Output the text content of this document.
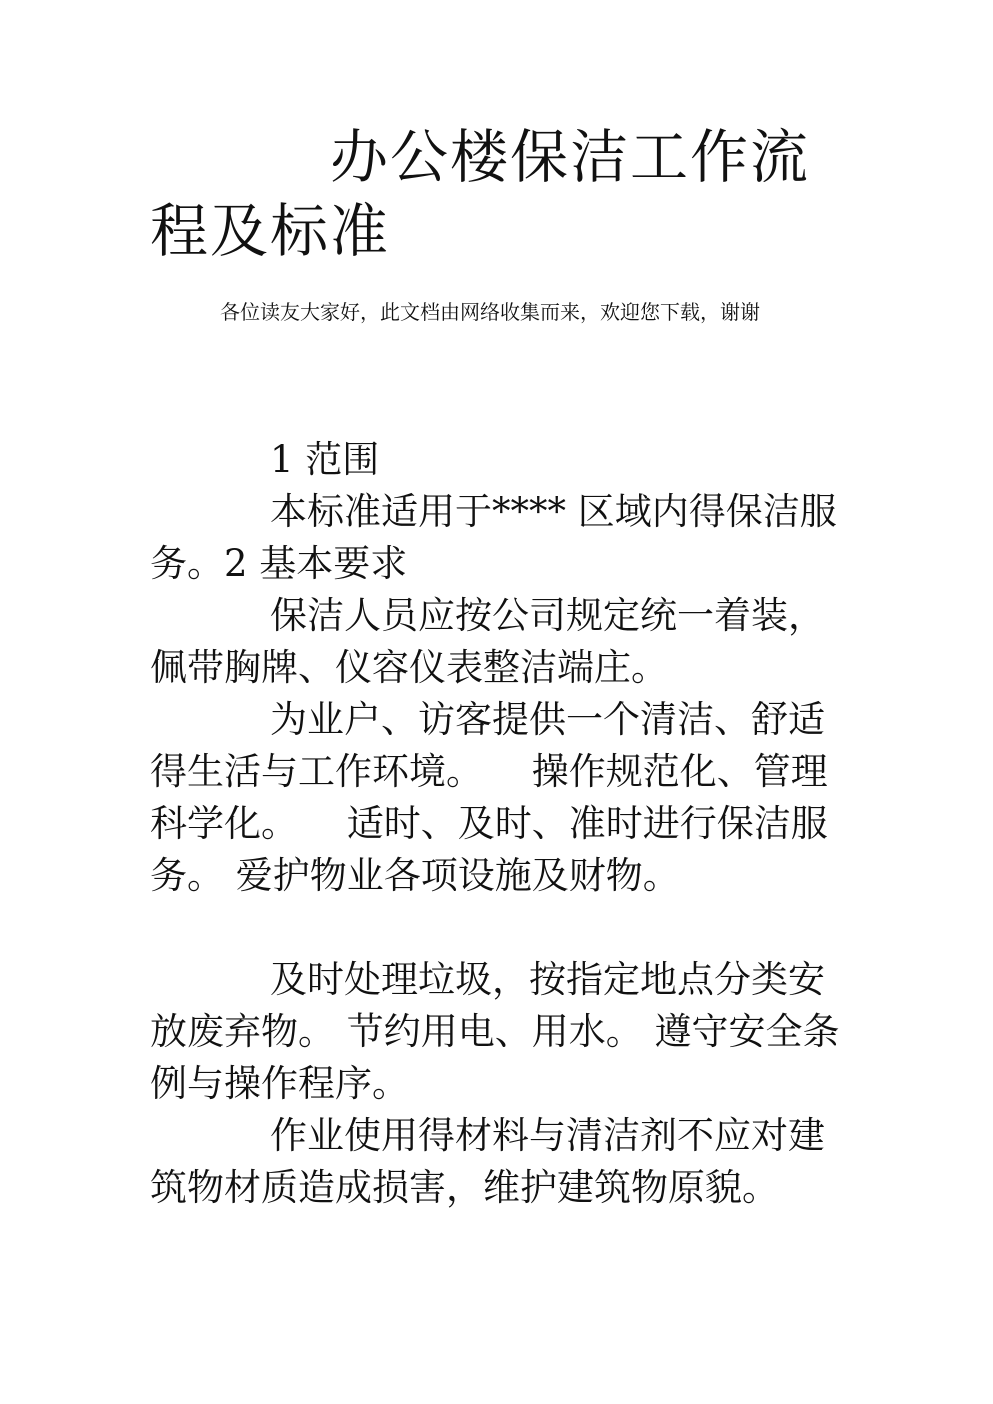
办公楼保洁工作流程及标准

各位读友大家好，此文档由网络收集而来，欢迎您下载，谢谢

1 范围

本标准适用于**** 区域内得保洁服务。2 基本要求

保洁人员应按公司规定统一着装，佩带胸牌、仪容仪表整洁端庄。

为业户、访客提供一个清洁、舒适得生活与工作环境。 　操作规范化、管理科学化。 　适时、及时、准时进行保洁服务。 爱护物业各项设施及财物。

及时处理垃圾，按指定地点分类安放废弃物。 节约用电、用水。 遵守安全条例与操作程序。

作业使用得材料与清洁剂不应对建筑物材质造成损害，维护建筑物原貌。
